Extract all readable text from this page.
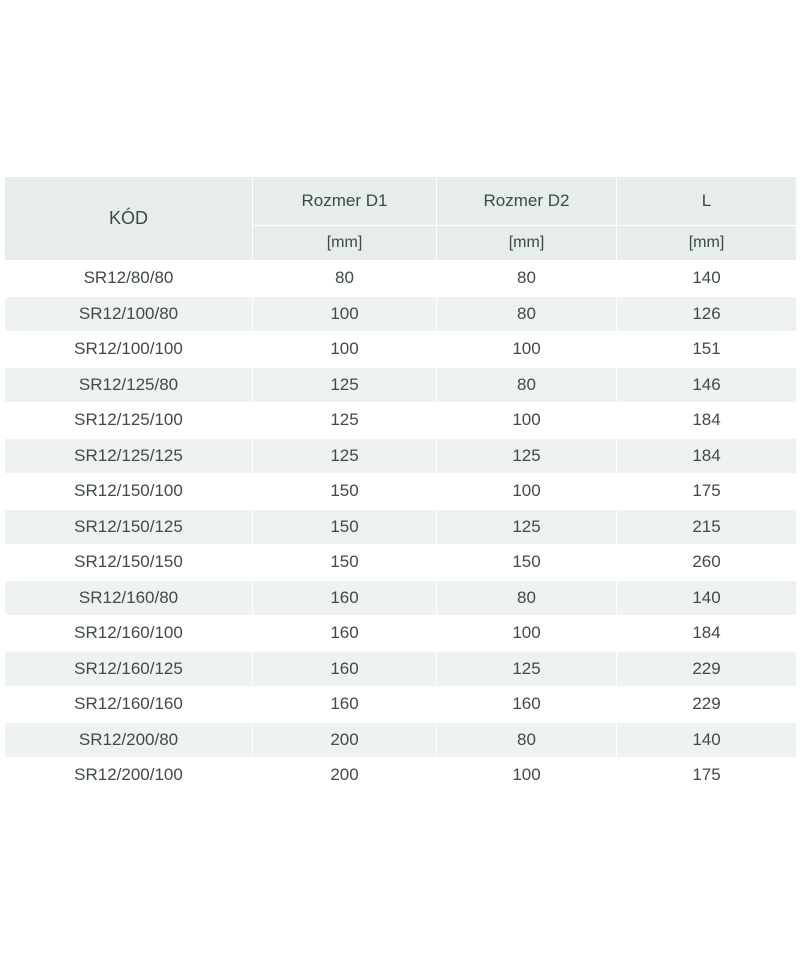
KÓD	Rozmer D1	Rozmer D2	L
	[mm]	[mm]	[mm]
SR12/80/80	80	80	140
SR12/100/80	100	80	126
SR12/100/100	100	100	151
SR12/125/80	125	80	146
SR12/125/100	125	100	184
SR12/125/125	125	125	184
SR12/150/100	150	100	175
SR12/150/125	150	125	215
SR12/150/150	150	150	260
SR12/160/80	160	80	140
SR12/160/100	160	100	184
SR12/160/125	160	125	229
SR12/160/160	160	160	229
SR12/200/80	200	80	140
SR12/200/100	200	100	175
